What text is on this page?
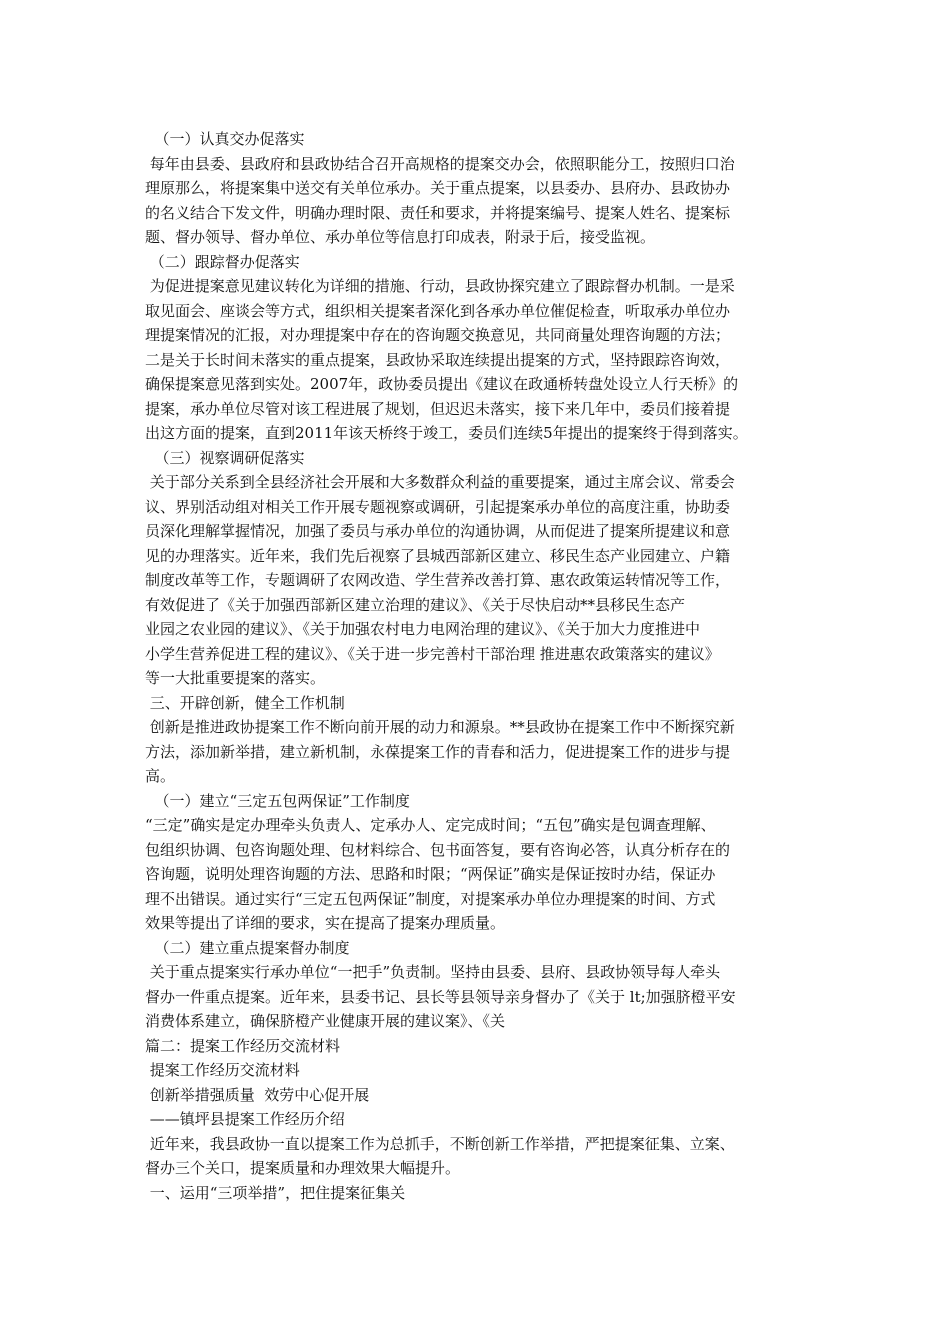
（一）认真交办促落实
每年由县委、县政府和县政协结合召开高规格的提案交办会，依照职能分工，按照归口治
理原那么，将提案集中送交有关单位承办。关于重点提案，以县委办、县府办、县政协办
的名义结合下发文件，明确办理时限、责任和要求，并将提案编号、提案人姓名、提案标
题、督办领导、督办单位、承办单位等信息打印成表，附录于后，接受监视。
（二）跟踪督办促落实
为促进提案意见建议转化为详细的措施、行动，县政协探究建立了跟踪督办机制。一是采
取见面会、座谈会等方式，组织相关提案者深化到各承办单位催促检查，听取承办单位办
理提案情况的汇报，对办理提案中存在的咨询题交换意见，共同商量处理咨询题的方法；
二是关于长时间未落实的重点提案，县政协采取连续提出提案的方式，坚持跟踪咨询效，
确保提案意见落到实处。2007年，政协委员提出《建议在政通桥转盘处设立人行天桥》的
提案，承办单位尽管对该工程进展了规划，但迟迟未落实，接下来几年中，委员们接着提
出这方面的提案，直到2011年该天桥终于竣工，委员们连续5年提出的提案终于得到落实。
（三）视察调研促落实
关于部分关系到全县经济社会开展和大多数群众利益的重要提案，通过主席会议、常委会
议、界别活动组对相关工作开展专题视察或调研，引起提案承办单位的高度注重，协助委
员深化理解掌握情况，加强了委员与承办单位的沟通协调，从而促进了提案所提建议和意
见的办理落实。近年来，我们先后视察了县城西部新区建立、移民生态产业园建立、户籍
制度改革等工作，专题调研了农网改造、学生营养改善打算、惠农政策运转情况等工作，
有效促进了《关于加强西部新区建立治理的建议》、《关于尽快启动**县移民生态产
业园之农业园的建议》、《关于加强农村电力电网治理的建议》、《关于加大力度推进中
小学生营养促进工程的建议》、《关于进一步完善村干部治理 推进惠农政策落实的建议》
等一大批重要提案的落实。
三、开辟创新，健全工作机制
创新是推进政协提案工作不断向前开展的动力和源泉。**县政协在提案工作中不断探究新
方法，添加新举措，建立新机制，永葆提案工作的青春和活力，促进提案工作的进步与提
高。
（一）建立“三定五包两保证”工作制度
“三定”确实是定办理牵头负责人、定承办人、定完成时间；“五包”确实是包调查理解、
包组织协调、包咨询题处理、包材料综合、包书面答复，要有咨询必答，认真分析存在的
咨询题，说明处理咨询题的方法、思路和时限；“两保证”确实是保证按时办结，保证办
理不出错误。通过实行“三定五包两保证”制度，对提案承办单位办理提案的时间、方式
效果等提出了详细的要求，实在提高了提案办理质量。
（二）建立重点提案督办制度
关于重点提案实行承办单位“一把手”负责制。坚持由县委、县府、县政协领导每人牵头
督办一件重点提案。近年来，县委书记、县长等县领导亲身督办了《关于 lt;加强脐橙平安
消费体系建立，确保脐橙产业健康开展的建议案》、《关
篇二：提案工作经历交流材料
提案工作经历交流材料
创新举措强质量  效劳中心促开展
——镇坪县提案工作经历介绍
近年来，我县政协一直以提案工作为总抓手，不断创新工作举措，严把提案征集、立案、
督办三个关口，提案质量和办理效果大幅提升。
一、运用“三项举措”，把住提案征集关
